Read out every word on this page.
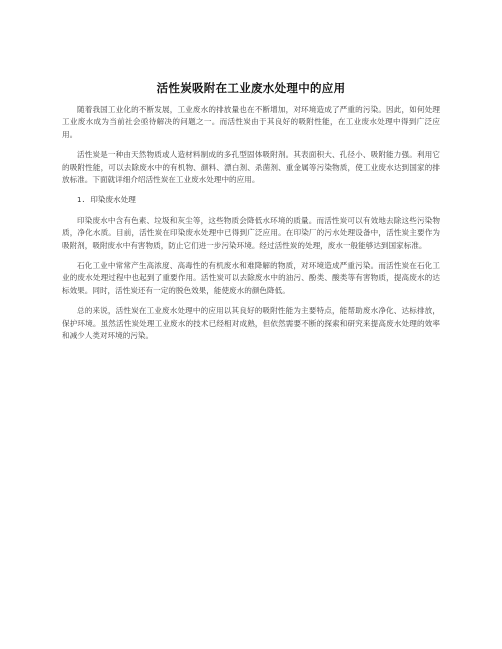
活性炭吸附在工业废水处理中的应用

随着我国工业化的不断发展，工业废水的排放量也在不断增加，对环境造成了严重的污染。因此，如何处理工业废水成为当前社会亟待解决的问题之一。而活性炭由于其良好的吸附性能，在工业废水处理中得到广泛应用。

活性炭是一种由天然物质或人造材料制成的多孔型固体吸附剂。其表面积大、孔径小、吸附能力强。利用它的吸附性能，可以去除废水中的有机物、颜料、漂白剂、杀菌剂、重金属等污染物质，使工业废水达到国家的排放标准。下面就详细介绍活性炭在工业废水处理中的应用。

1. 印染废水处理

印染废水中含有色素、垃圾和灰尘等，这些物质会降低水环境的质量。而活性炭可以有效地去除这些污染物质，净化水质。目前，活性炭在印染废水处理中已得到广泛应用。在印染厂的污水处理设备中，活性炭主要作为吸附剂，吸附废水中有害物质，防止它们进一步污染环境。经过活性炭的处理，废水一般能够达到国家标准。

石化工业中常常产生高浓度、高毒性的有机废水和难降解的物质，对环境造成严重污染。而活性炭在石化工业的废水处理过程中也起到了重要作用。活性炭可以去除废水中的油污、酚类、酸类等有害物质，提高废水的达标效果。同时，活性炭还有一定的脱色效果，能使废水的颜色降低。

总的来说，活性炭在工业废水处理中的应用以其良好的吸附性能为主要特点，能帮助废水净化、达标排放，保护环境。虽然活性炭处理工业废水的技术已经相对成熟，但依然需要不断的探索和研究来提高废水处理的效率和减少人类对环境的污染。
